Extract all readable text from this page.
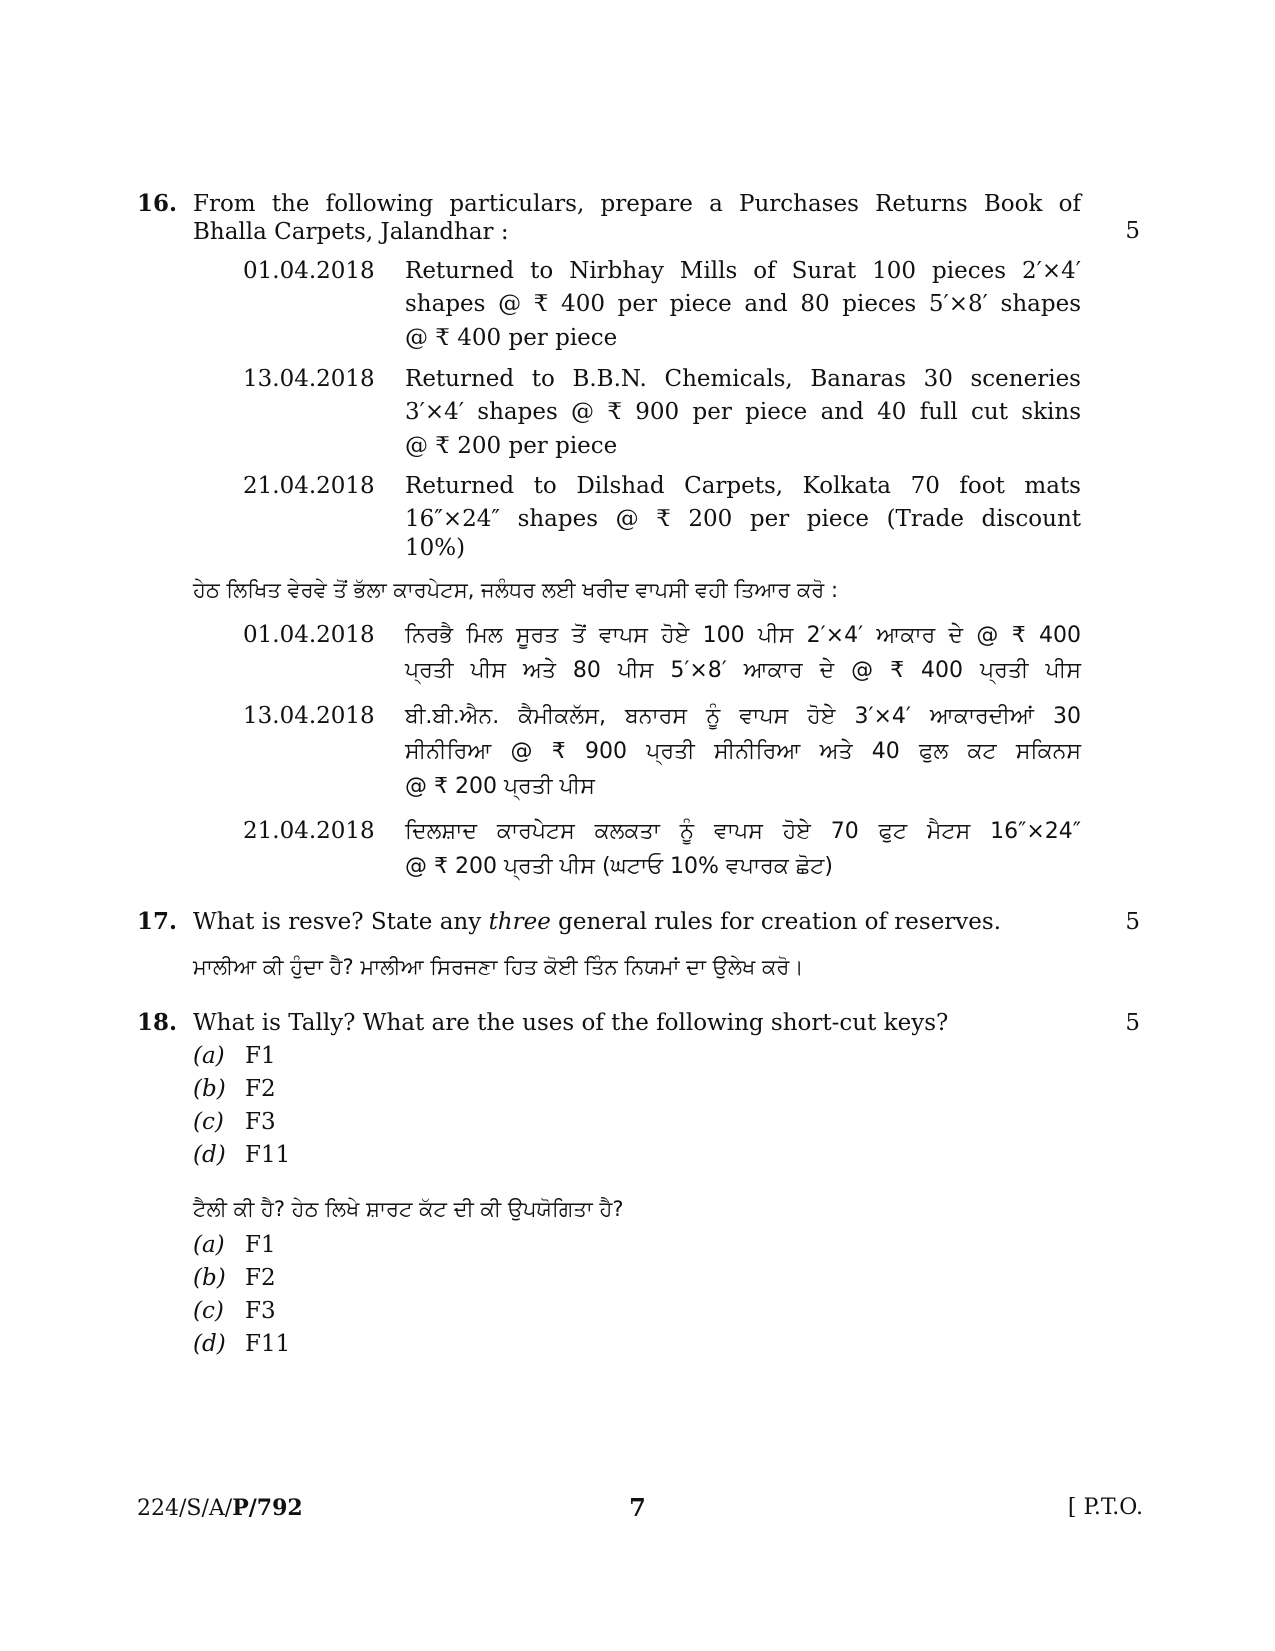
16. From the following particulars, prepare a Purchases Returns Book of Bhalla Carpets, Jalandhar :	5
01.04.2018 Returned to Nirbhay Mills of Surat 100 pieces 2′×4′
shapes @ ₹ 400 per piece and 80 pieces 5′×8′ shapes
@ ₹ 400 per piece
13.04.2018 Returned to B.B.N. Chemicals, Banaras 30 sceneries
3′×4′ shapes @ ₹ 900 per piece and 40 full cut skins
@ ₹ 200 per piece
21.04.2018 Returned to Dilshad Carpets, Kolkata 70 foot mats
16″×24″ shapes @ ₹ 200 per piece (Trade discount
10%)
ਹੇਠ ਲਿਖਿਤ ਵੇਰਵੇ ਤੋਂ ਭੱਲਾ ਕਾਰਪੇਟਸ, ਜਲੰਧਰ ਲਈ ਖਰੀਦ ਵਾਪਸੀ ਵਹੀ ਤਿਆਰ ਕਰੋ :
01.04.2018 ਨਿਰਭੈ ਮਿਲ ਸੂਰਤ ਤੋਂ ਵਾਪਸ ਹੋਏ 100 ਪੀਸ 2′×4′ ਆਕਾਰ ਦੇ @ ₹ 400
ਪ੍ਰਤੀ ਪੀਸ ਅਤੇ 80 ਪੀਸ 5′×8′ ਆਕਾਰ ਦੇ @ ₹ 400 ਪ੍ਰਤੀ ਪੀਸ
13.04.2018 ਬੀ.ਬੀ.ਐਨ. ਕੈਮੀਕਲੱਸ, ਬਨਾਰਸ ਨੂੰ ਵਾਪਸ ਹੋਏ 3′×4′ ਆਕਾਰਦੀਆਂ 30
ਸੀਨੀਰਿਆ @ ₹ 900 ਪ੍ਰਤੀ ਸੀਨੀਰਿਆ ਅਤੇ 40 ਫੁਲ ਕਟ ਸਕਿਨਸ
@ ₹ 200 ਪ੍ਰਤੀ ਪੀਸ
21.04.2018 ਦਿਲਸ਼ਾਦ ਕਾਰਪੇਟਸ ਕਲਕਤਾ ਨੂੰ ਵਾਪਸ ਹੋਏ 70 ਫੁਟ ਮੈਟਸ 16″×24″
@ ₹ 200 ਪ੍ਰਤੀ ਪੀਸ (ਘਟਾਓ 10% ਵਪਾਰਕ ਛੋਟ)
17. What is resve? State any three general rules for creation of reserves.	5
ਮਾਲੀਆ ਕੀ ਹੁੰਦਾ ਹੈ? ਮਾਲੀਆ ਸਿਰਜਣਾ ਹਿਤ ਕੋਈ ਤਿੰਨ ਨਿਯਮਾਂ ਦਾ ਉਲੇਖ ਕਰੋ।
18. What is Tally? What are the uses of the following short-cut keys?	5
(a) F1
(b) F2
(c) F3
(d) F11
ਟੈਲੀ ਕੀ ਹੈ? ਹੇਠ ਲਿਖੇ ਸ਼ਾਰਟ ਕੱਟ ਦੀ ਕੀ ਉਪਯੋਗਿਤਾ ਹੈ?
(a) F1
(b) F2
(c) F3
(d) F11
224/S/A/P/792	7	[ P.T.O.
